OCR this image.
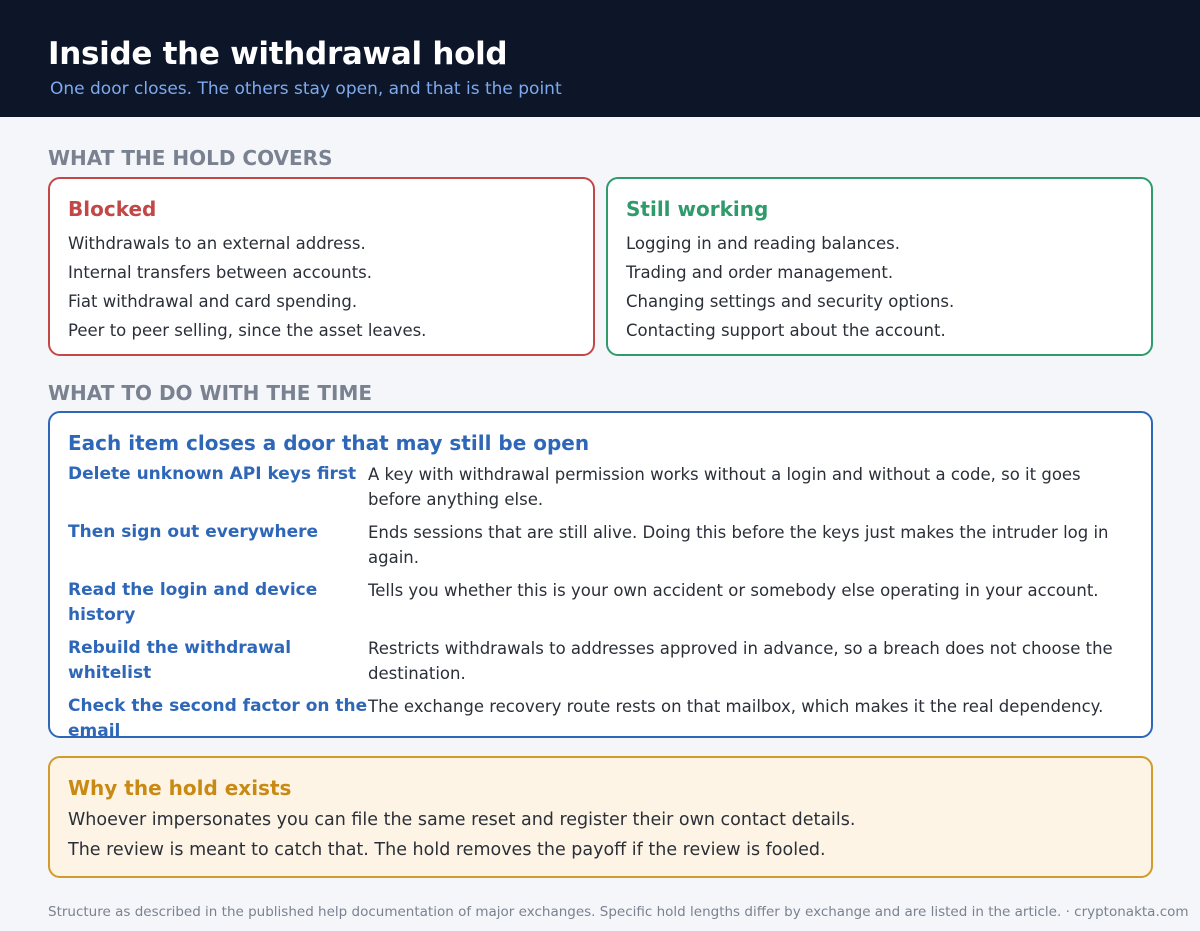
Inside the withdrawal hold
One door closes. The others stay open, and that is the point
WHAT THE HOLD COVERS
Blocked
Withdrawals to an external address.
Internal transfers between accounts.
Fiat withdrawal and card spending.
Peer to peer selling, since the asset leaves.
Still working
Logging in and reading balances.
Trading and order management.
Changing settings and security options.
Contacting support about the account.
WHAT TO DO WITH THE TIME
Each item closes a door that may still be open
Delete unknown API keys first A key with withdrawal permission works without a login and without a code, so it goes before anything else.
Then sign out everywhere	Ends sessions that are still alive. Doing this before the keys just makes the intruder log in again.
Read the login and device history
Tells you whether this is your own accident or somebody else operating in your account.
Rebuild the withdrawal whitelist
Restricts withdrawals to addresses approved in advance, so a breach does not choose the destination.
Check the second factor on the email
The exchange recovery route rests on that mailbox, which makes it the real dependency.
Why the hold exists
Whoever impersonates you can file the same reset and register their own contact details.
The review is meant to catch that. The hold removes the payoff if the review is fooled.
Structure as described in the published help documentation of major exchanges. Specific hold lengths differ by exchange and are listed in the article. · cryptonakta.com
